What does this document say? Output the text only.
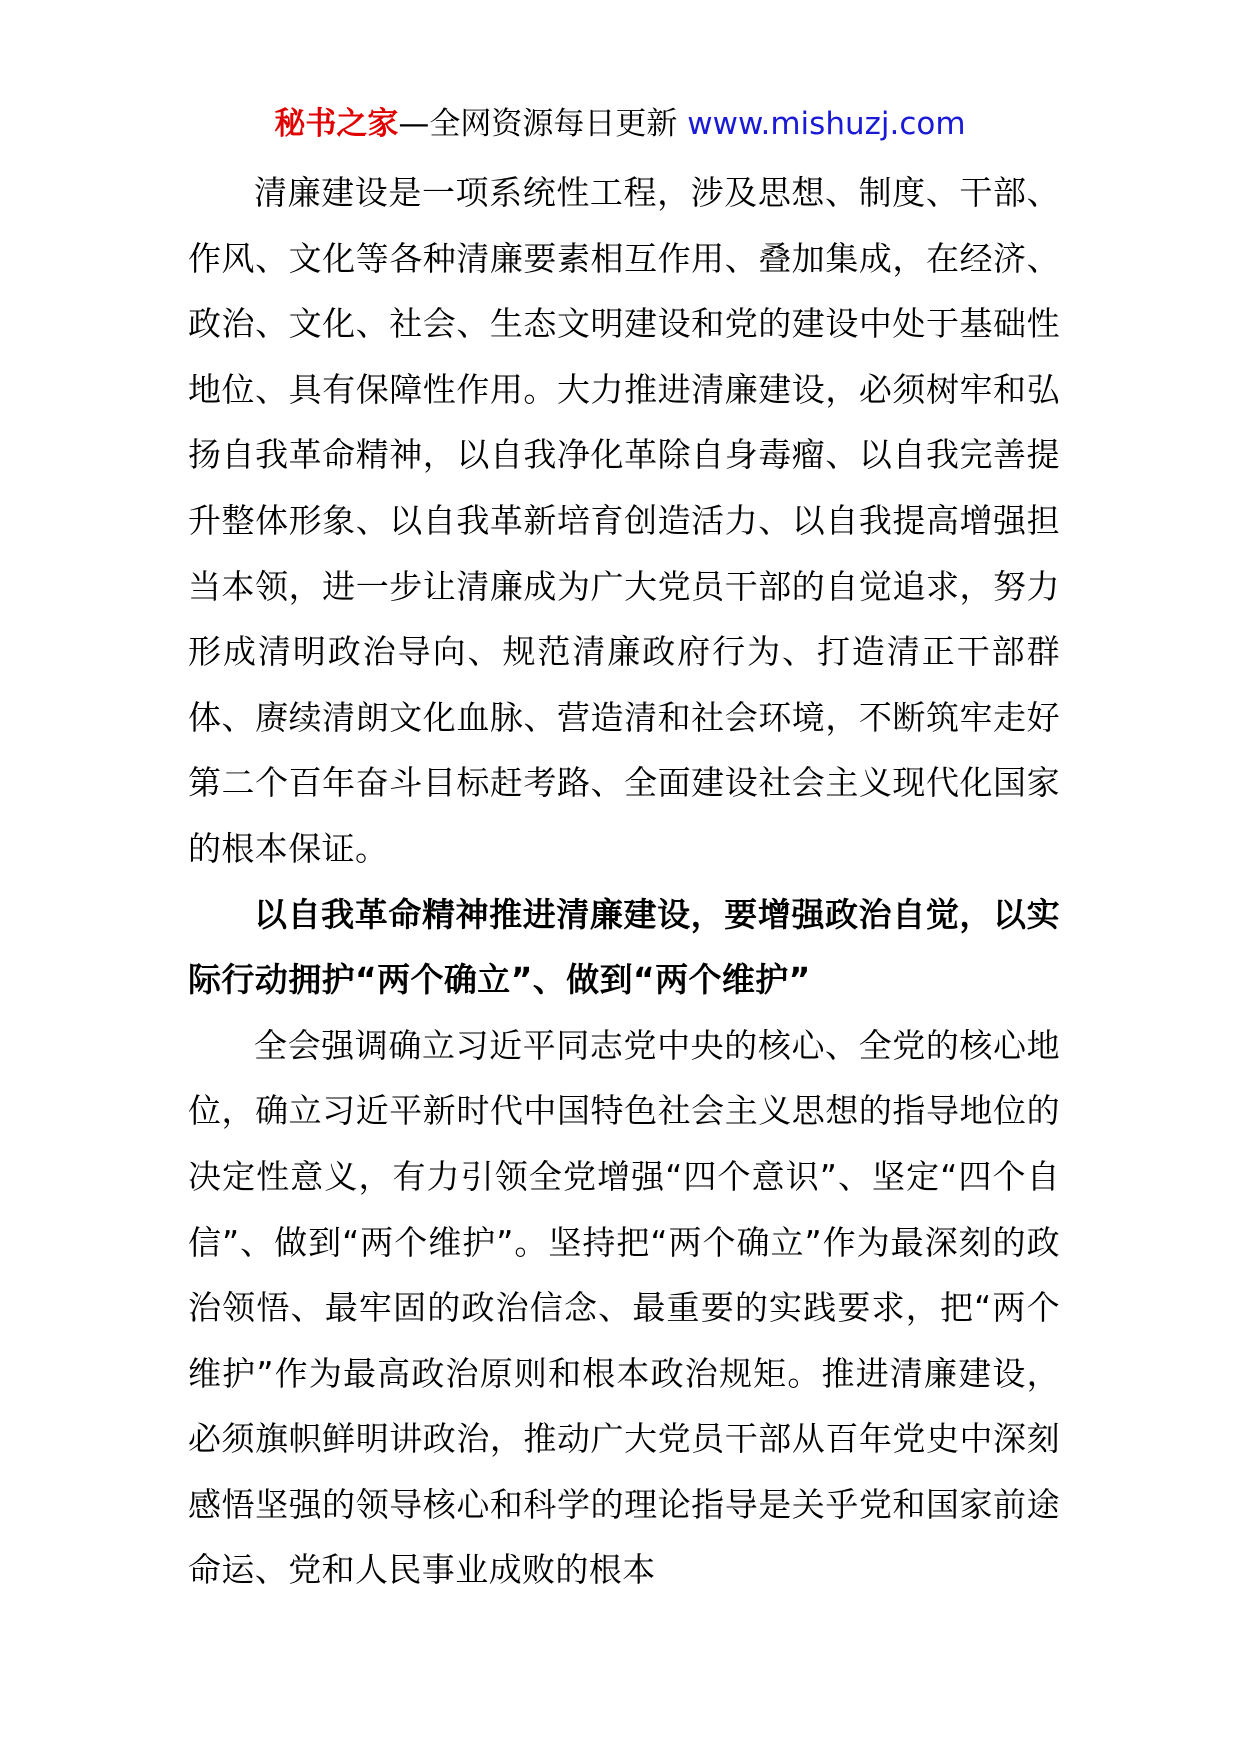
秘书之家—全网资源每日更新 www.mishuzj.com

清廉建设是一项系统性工程，涉及思想、制度、干部、作风、文化等各种清廉要素相互作用、叠加集成，在经济、政治、文化、社会、生态文明建设和党的建设中处于基础性地位、具有保障性作用。大力推进清廉建设，必须树牢和弘扬自我革命精神，以自我净化革除自身毒瘤、以自我完善提升整体形象、以自我革新培育创造活力、以自我提高增强担当本领，进一步让清廉成为广大党员干部的自觉追求，努力形成清明政治导向、规范清廉政府行为、打造清正干部群体、赓续清朗文化血脉、营造清和社会环境，不断筑牢走好第二个百年奋斗目标赶考路、全面建设社会主义现代化国家的根本保证。

以自我革命精神推进清廉建设，要增强政治自觉，以实际行动拥护“两个确立”、做到“两个维护”

全会强调确立习近平同志党中央的核心、全党的核心地位，确立习近平新时代中国特色社会主义思想的指导地位的决定性意义，有力引领全党增强“四个意识”、坚定“四个自信”、做到“两个维护”。坚持把“两个确立”作为最深刻的政治领悟、最牢固的政治信念、最重要的实践要求，把“两个维护”作为最高政治原则和根本政治规矩。推进清廉建设，必须旗帜鲜明讲政治，推动广大党员干部从百年党史中深刻感悟坚强的领导核心和科学的理论指导是关乎党和国家前途命运、党和人民事业成败的根本
